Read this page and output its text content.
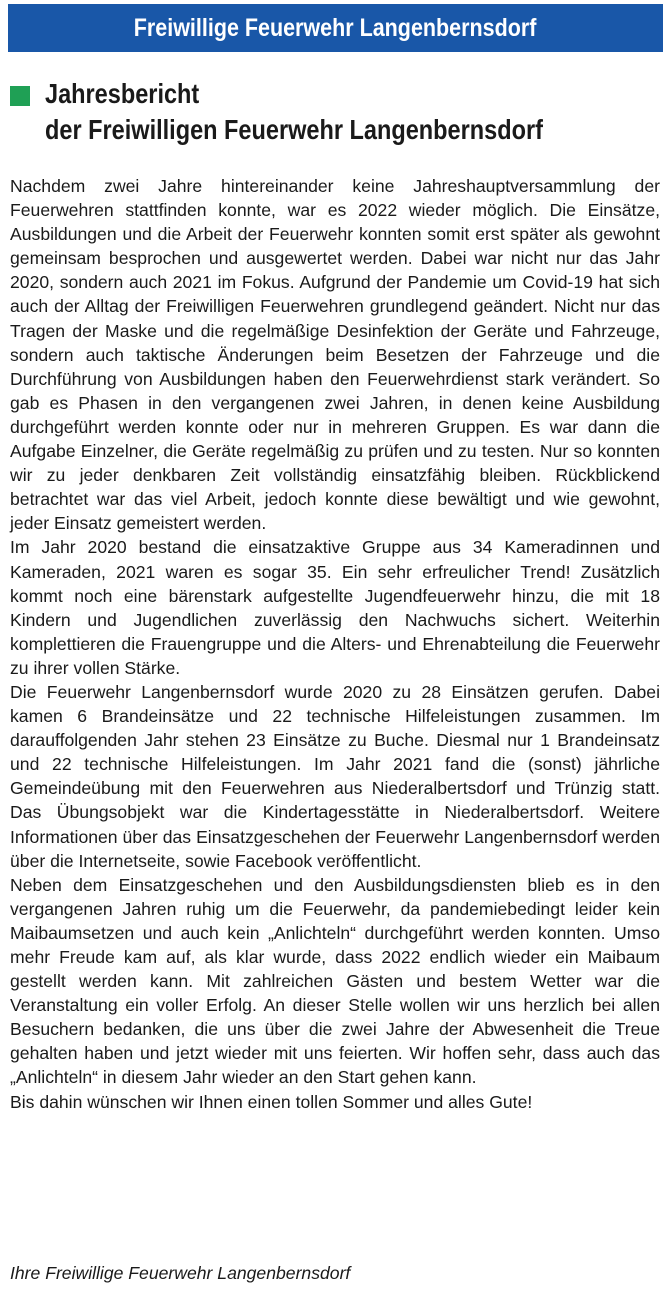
Freiwillige Feuerwehr Langenbernsdorf
Jahresbericht
der Freiwilligen Feuerwehr Langenbernsdorf

Nachdem zwei Jahre hintereinander keine Jahreshauptversammlung der Feuerwehren stattfinden konnte, war es 2022 wieder möglich. Die Einsätze, Ausbildungen und die Arbeit der Feuerwehr konnten somit erst später als gewohnt gemeinsam besprochen und ausgewertet werden. Dabei war nicht nur das Jahr 2020, sondern auch 2021 im Fokus. Aufgrund der Pandemie um Covid-19 hat sich auch der Alltag der Freiwilligen Feuerwehren grundlegend geändert. Nicht nur das Tragen der Maske und die regelmäßige Desinfektion der Geräte und Fahrzeuge, sondern auch taktische Änderungen beim Besetzen der Fahrzeuge und die Durchführung von Ausbildungen haben den Feuerwehrdienst stark verändert. So gab es Phasen in den vergangenen zwei Jahren, in denen keine Ausbildung durchgeführt werden konnte oder nur in mehreren Gruppen. Es war dann die Aufgabe Einzelner, die Geräte regelmäßig zu prüfen und zu testen. Nur so konnten wir zu jeder denkbaren Zeit vollständig einsatzfähig bleiben. Rückblickend betrachtet war das viel Arbeit, jedoch konnte diese bewältigt und wie gewohnt, jeder Einsatz gemeistert werden.

Im Jahr 2020 bestand die einsatzaktive Gruppe aus 34 Kameradinnen und Kameraden, 2021 waren es sogar 35. Ein sehr erfreulicher Trend! Zusätzlich kommt noch eine bärenstark aufgestellte Jugendfeuerwehr hinzu, die mit 18 Kindern und Jugendlichen zuverlässig den Nachwuchs sichert. Weiterhin komplettieren die Frauengruppe und die Alters- und Ehrenabteilung die Feuerwehr zu ihrer vollen Stärke.

Die Feuerwehr Langenbernsdorf wurde 2020 zu 28 Einsätzen gerufen. Dabei kamen 6 Brandeinsätze und 22 technische Hilfeleistungen zusammen. Im darauffolgenden Jahr stehen 23 Einsätze zu Buche. Diesmal nur 1 Brandeinsatz und 22 technische Hilfeleistungen. Im Jahr 2021 fand die (sonst) jährliche Gemeindeübung mit den Feuerwehren aus Niederalbertsdorf und Trünzig statt. Das Übungsobjekt war die Kindertagesstätte in Niederalbertsdorf. Weitere Informationen über das Einsatzgeschehen der Feuerwehr Langenbernsdorf werden über die Internetseite, sowie Facebook veröffentlicht.

Neben dem Einsatzgeschehen und den Ausbildungsdiensten blieb es in den vergangenen Jahren ruhig um die Feuerwehr, da pandemiebedingt leider kein Maibaumsetzen und auch kein „Anlichteln“ durchgeführt werden konnten. Umso mehr Freude kam auf, als klar wurde, dass 2022 endlich wieder ein Maibaum gestellt werden kann. Mit zahlreichen Gästen und bestem Wetter war die Veranstaltung ein voller Erfolg. An dieser Stelle wollen wir uns herzlich bei allen Besuchern bedanken, die uns über die zwei Jahre der Abwesenheit die Treue gehalten haben und jetzt wieder mit uns feierten. Wir hoffen sehr, dass auch das „Anlichteln“ in diesem Jahr wieder an den Start gehen kann.

Bis dahin wünschen wir Ihnen einen tollen Sommer und alles Gute!

Ihre Freiwillige Feuerwehr Langenbernsdorf
